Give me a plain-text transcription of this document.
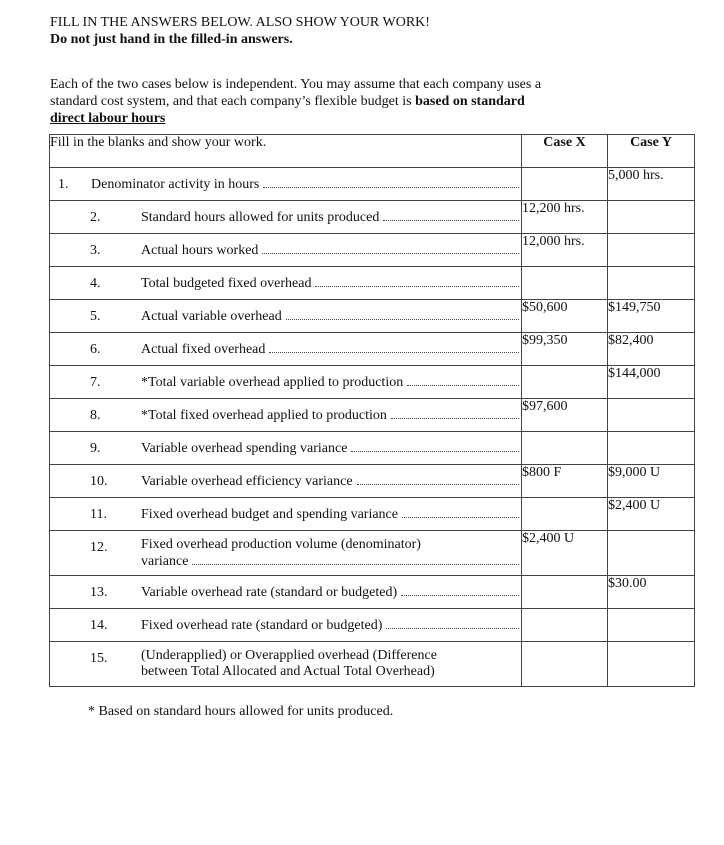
FILL IN THE ANSWERS BELOW. ALSO SHOW YOUR WORK!
Do not just hand in the filled-in answers.
Each of the two cases below is independent. You may assume that each company uses a
standard cost system, and that each company’s flexible budget is based on standard
direct labour hours
Fill in the blanks and show your work.	Case X	Case Y

1. Denominator activity in hours		5,000 hrs.

2. Standard hours allowed for units produced	12,200 hrs.	

3. Actual hours worked	12,000 hrs.	

4. Total budgeted fixed overhead		

5. Actual variable overhead	$50,600	$149,750

6. Actual fixed overhead	$99,350	$82,400

7. *Total variable overhead applied to production		$144,000

8. *Total fixed overhead applied to production	$97,600	

9. Variable overhead spending variance		

10. Variable overhead efficiency variance	$800 F	$9,000 U

11. Fixed overhead budget and spending variance		$2,400 U

12. Fixed overhead production volume (denominator)
variance	$2,400 U	

13. Variable overhead rate (standard or budgeted)		$30.00

14. Fixed overhead rate (standard or budgeted)		

15. (Underapplied) or Overapplied overhead (Difference
between Total Allocated and Actual Total Overhead)		

* Based on standard hours allowed for units produced.
